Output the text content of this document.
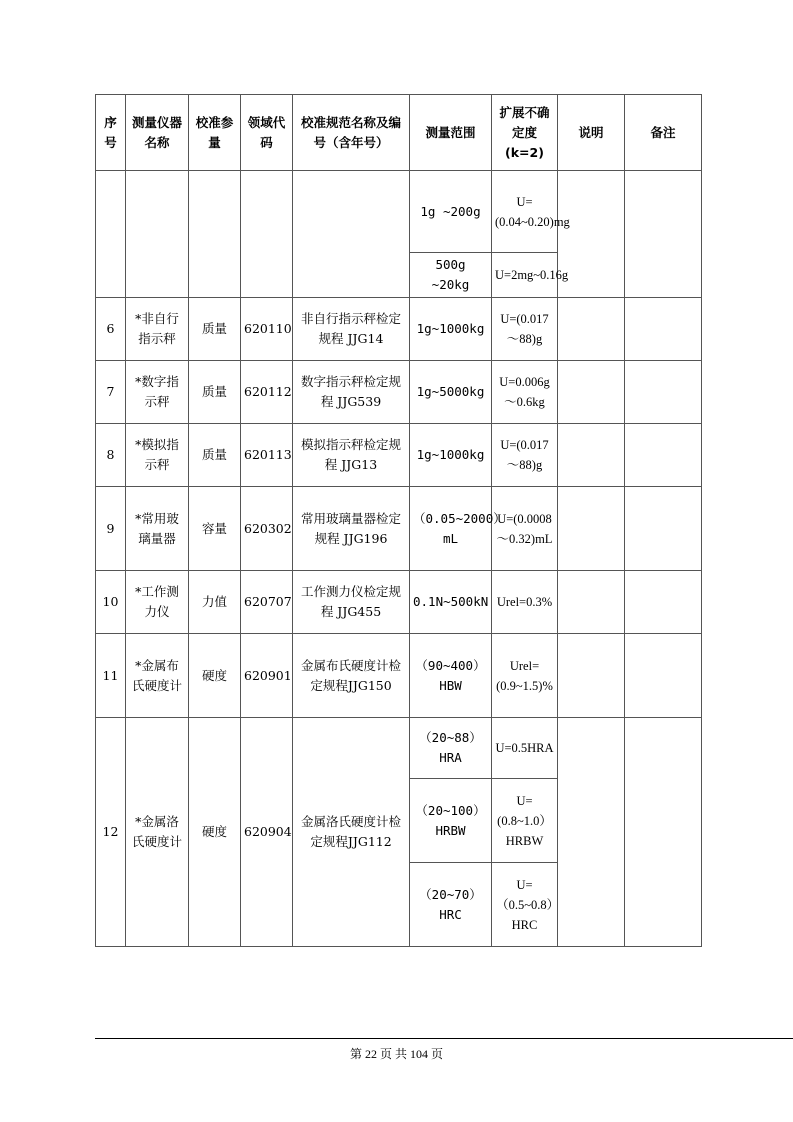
序号	测量仪器名称	校准参量	领域代码	校准规范名称及编号（含年号）	测量范围	扩展不确定度(k=2)	说明	备注
					1g ~200g	U=(0.04~0.20)mg		
					500g ~20kg	U=2mg~0.16g		
6	*非自行指示秤	质量	620110	非自行指示秤检定规程 JJG14	1g~1000kg	U=(0.017～88)g		
7	*数字指示秤	质量	620112	数字指示秤检定规程 JJG539	1g~5000kg	U=0.006g～0.6kg		
8	*模拟指示秤	质量	620113	模拟指示秤检定规程 JJG13	1g~1000kg	U=(0.017～88)g		
9	*常用玻璃量器	容量	620302	常用玻璃量器检定规程 JJG196	（0.05~2000）mL	U=(0.0008～0.32)mL		
10	*工作测力仪	力值	620707	工作测力仪检定规程 JJG455	0.1N~500kN	Urel=0.3%		
11	*金属布氏硬度计	硬度	620901	金属布氏硬度计检定规程JJG150	（90~400）HBW	Urel=(0.9~1.5)%		
12	*金属洛氏硬度计	硬度	620904	金属洛氏硬度计检定规程JJG112	（20~88）HRA	U=0.5HRA		
					（20~100）HRBW	U=(0.8~1.0）HRBW		
					（20~70）HRC	U=（0.5~0.8）HRC		
第 22 页 共 104 页
